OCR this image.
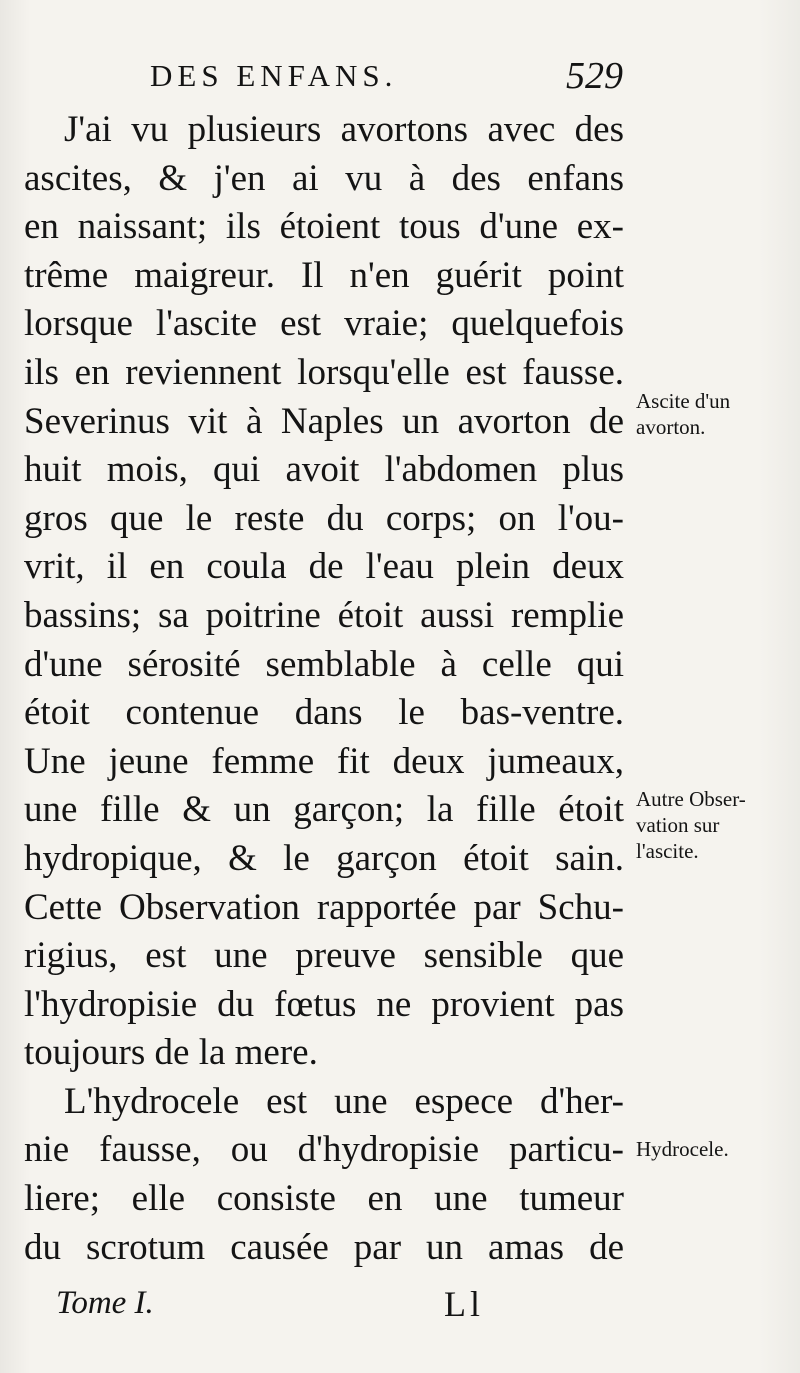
DES ENFANS.	529
J'ai vu plusieurs avortons avec des
ascites, & j'en ai vu à des enfans
en naissant; ils étoient tous d'une ex-
trême maigreur. Il n'en guérit point
lorsque l'ascite est vraie; quelquefois
ils en reviennent lorsqu'elle est fausse.
Severinus vit à Naples un avorton de
huit mois, qui avoit l'abdomen plus
gros que le reste du corps; on l'ou-
vrit, il en coula de l'eau plein deux
bassins; sa poitrine étoit aussi remplie
d'une sérosité semblable à celle qui
étoit contenue dans le bas-ventre.
Une jeune femme fit deux jumeaux,
une fille & un garçon; la fille étoit
hydropique, & le garçon étoit sain.
Cette Observation rapportée par Schu-
rigius, est une preuve sensible que
l'hydropisie du fœtus ne provient pas
toujours de la mere.
L'hydrocele est une espece d'her-
nie fausse, ou d'hydropisie particu-
liere; elle consiste en une tumeur
du scrotum causée par un amas de
Ascite d'un
avorton.
Autre Obser-
vation sur
l'ascite.
Hydrocele.
Tome I.	Ll
